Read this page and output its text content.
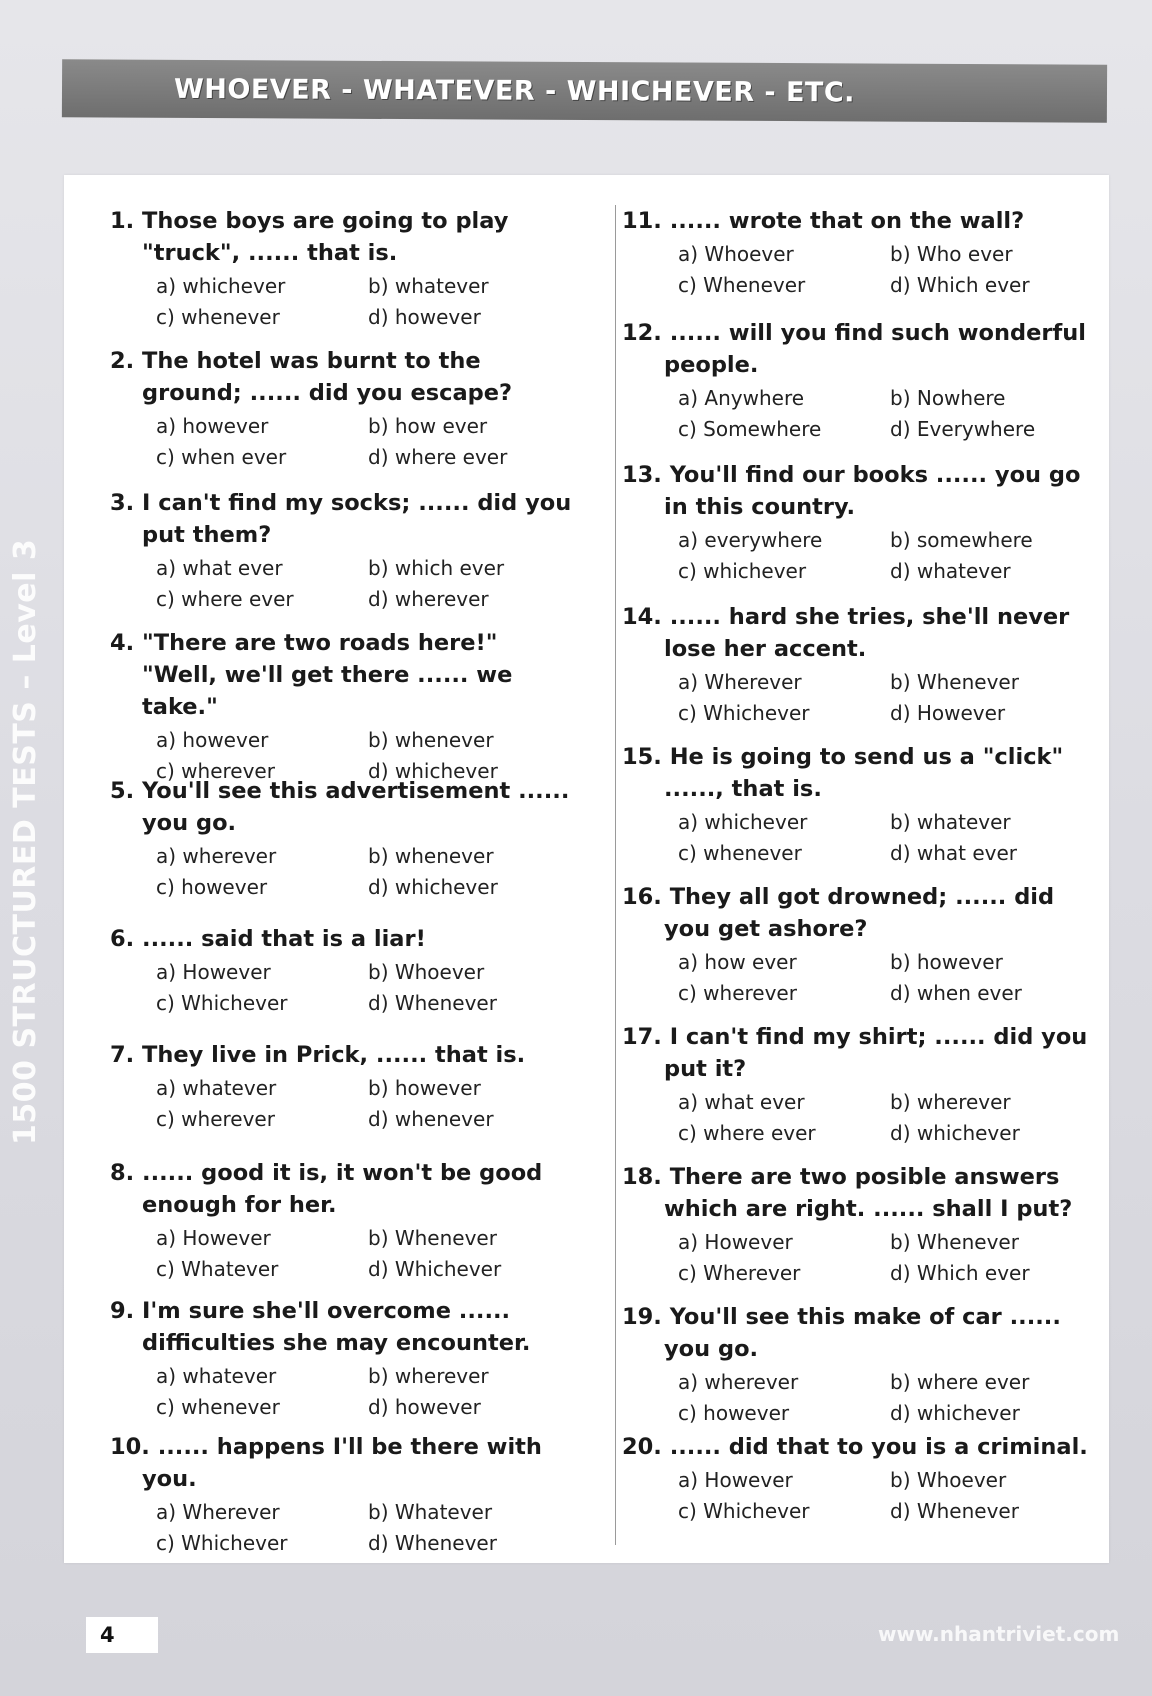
WHOEVER - WHATEVER - WHICHEVER - ETC.
1500 STRUCTURED TESTS – Level 3
1. Those boys are going to play "truck", ...... that is.
a) whichever	b) whatever
c) whenever	d) however
2. The hotel was burnt to the ground; ...... did you escape?
a) however	b) how ever
c) when ever	d) where ever
3. I can't find my socks; ...... did you put them?
a) what ever	b) which ever
c) where ever	d) wherever
4. "There are two roads here!" "Well, we'll get there ...... we take."
a) however	b) whenever
c) wherever	d) whichever
5. You'll see this advertisement ...... you go.
a) wherever	b) whenever
c) however	d) whichever
6. ...... said that is a liar!
a) However	b) Whoever
c) Whichever	d) Whenever
7. They live in Prick, ...... that is.
a) whatever	b) however
c) wherever	d) whenever
8. ...... good it is, it won't be good enough for her.
a) However	b) Whenever
c) Whatever	d) Whichever
9. I'm sure she'll overcome ...... difficulties she may encounter.
a) whatever	b) wherever
c) whenever	d) however
10. ...... happens I'll be there with you.
a) Wherever	b) Whatever
c) Whichever	d) Whenever
11. ...... wrote that on the wall?
a) Whoever	b) Who ever
c) Whenever	d) Which ever
12. ...... will you find such wonderful people.
a) Anywhere	b) Nowhere
c) Somewhere	d) Everywhere
13. You'll find our books ...... you go in this country.
a) everywhere	b) somewhere
c) whichever	d) whatever
14. ...... hard she tries, she'll never lose her accent.
a) Wherever	b) Whenever
c) Whichever	d) However
15. He is going to send us a "click" ......, that is.
a) whichever	b) whatever
c) whenever	d) what ever
16. They all got drowned; ...... did you get ashore?
a) how ever	b) however
c) wherever	d) when ever
17. I can't find my shirt; ...... did you put it?
a) what ever	b) wherever
c) where ever	d) whichever
18. There are two posible answers which are right. ...... shall I put?
a) However	b) Whenever
c) Wherever	d) Which ever
19. You'll see this make of car ...... you go.
a) wherever	b) where ever
c) however	d) whichever
20. ...... did that to you is a criminal.
a) However	b) Whoever
c) Whichever	d) Whenever
4	www.nhantriviet.com
